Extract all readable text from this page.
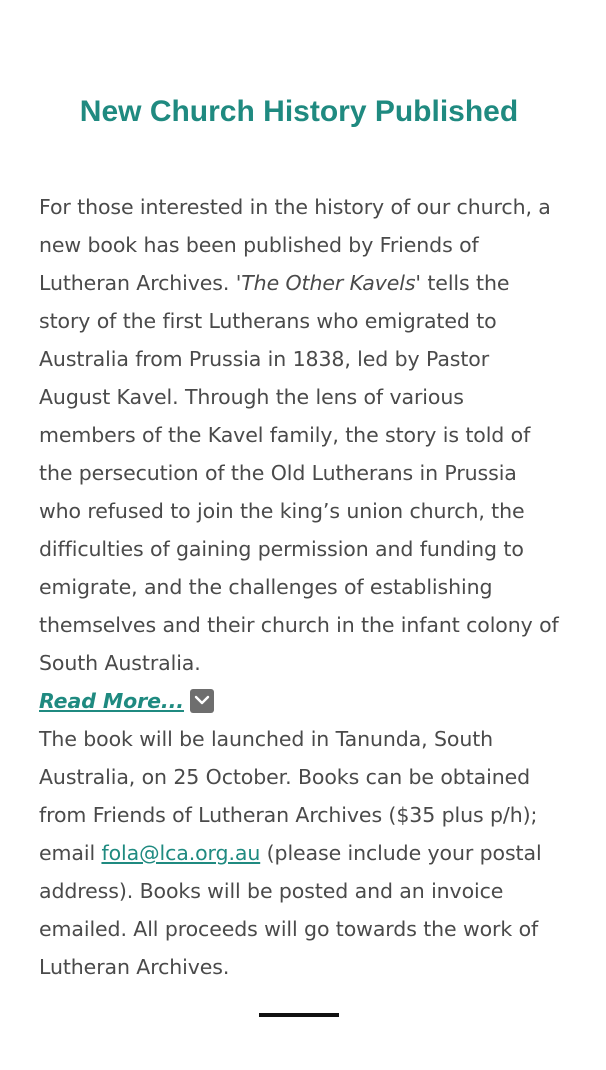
New Church History Published

For those interested in the history of our church, a new book has been published by Friends of Lutheran Archives. 'The Other Kavels' tells the story of the first Lutherans who emigrated to Australia from Prussia in 1838, led by Pastor August Kavel. Through the lens of various members of the Kavel family, the story is told of the persecution of the Old Lutherans in Prussia who refused to join the king’s union church, the difficulties of gaining permission and funding to emigrate, and the challenges of establishing themselves and their church in the infant colony of South Australia.

Read More...

The book will be launched in Tanunda, South Australia, on 25 October. Books can be obtained from Friends of Lutheran Archives ($35 plus p/h); email fola@lca.org.au (please include your postal address). Books will be posted and an invoice emailed. All proceeds will go towards the work of Lutheran Archives.
